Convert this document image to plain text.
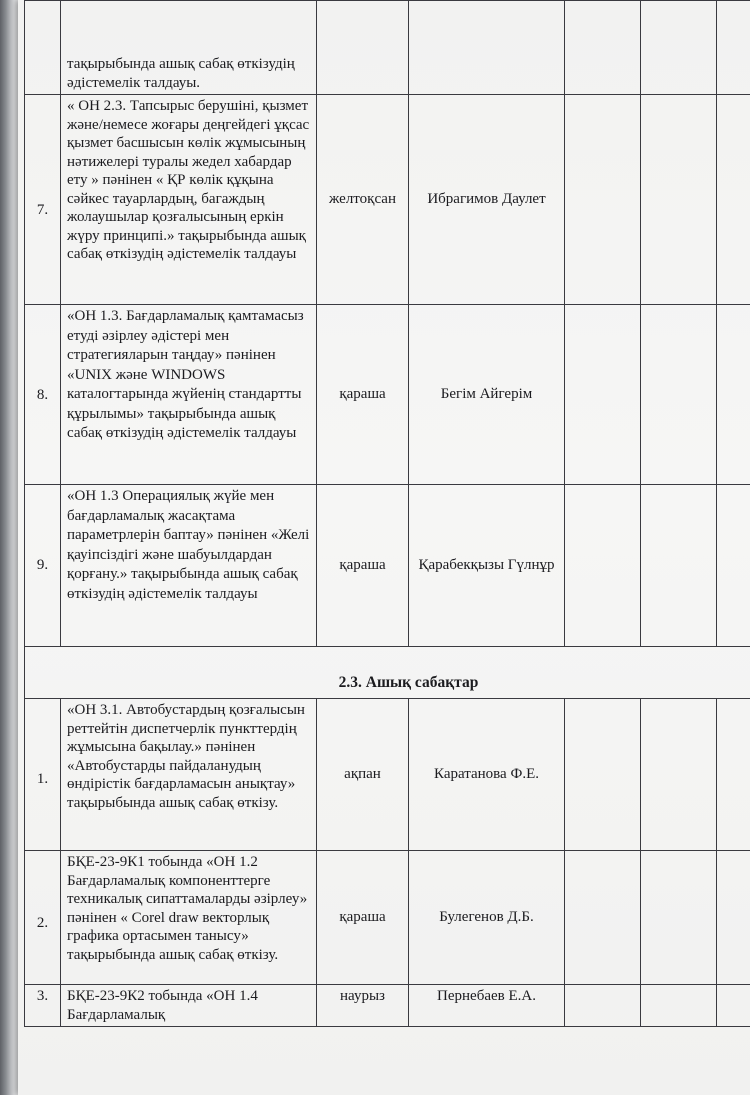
	тақырыбында ашық сабақ өткізудің әдістемелік талдауы.					

7.	« ОН 2.3. Тапсырыс берушіні, қызмет және/немесе жоғары деңгейдегі ұқсас қызмет басшысын көлік жұмысының нәтижелері туралы жедел хабардар ету » пәнінен « ҚР көлік құқына сәйкес тауарлардың, багаждың жолаушылар қозғалысының еркін жүру принципі.» тақырыбында ашық сабақ өткізудің әдістемелік талдауы	желтоқсан	Ибрагимов Даулет			
8.	«ОН 1.3. Бағдарламалық қамтамасыз етуді әзірлеу әдістері мен стратегияларын таңдау» пәнінен «UNIX және WINDOWS каталогтарында жүйенің стандартты құрылымы» тақырыбында ашық сабақ өткізудің әдістемелік талдауы	қараша	Бегім Айгерім			
9.	«ОН 1.3 Операциялық жүйе мен бағдарламалық жасақтама параметрлерін баптау» пәнінен «Желі қауіпсіздігі және шабуылдардан қорғану.» тақырыбында ашық сабақ өткізудің әдістемелік талдауы	қараша	Қарабекқызы Гүлнұр			
2.3. Ашық сабақтар						
1.	«ОН 3.1. Автобустардың қозғалысын реттейтін диспетчерлік пункттердің жұмысына бақылау.» пәнінен «Автобустарды пайдаланудың өндірістік бағдарламасын анықтау» тақырыбында ашық сабақ өткізу.	ақпан	Каратанова Ф.Е.			
2.	БҚЕ-23-9К1 тобында «ОН 1.2 Бағдарламалық компоненттерге техникалық сипаттамаларды әзірлеу» пәнінен « Corel draw векторлық графика ортасымен танысу» тақырыбында ашық сабақ өткізу.	қараша	Булегенов Д.Б.			
3.	БҚЕ-23-9К2 тобында «ОН 1.4 Бағдарламалық	наурыз	Пернебаев Е.А.			
